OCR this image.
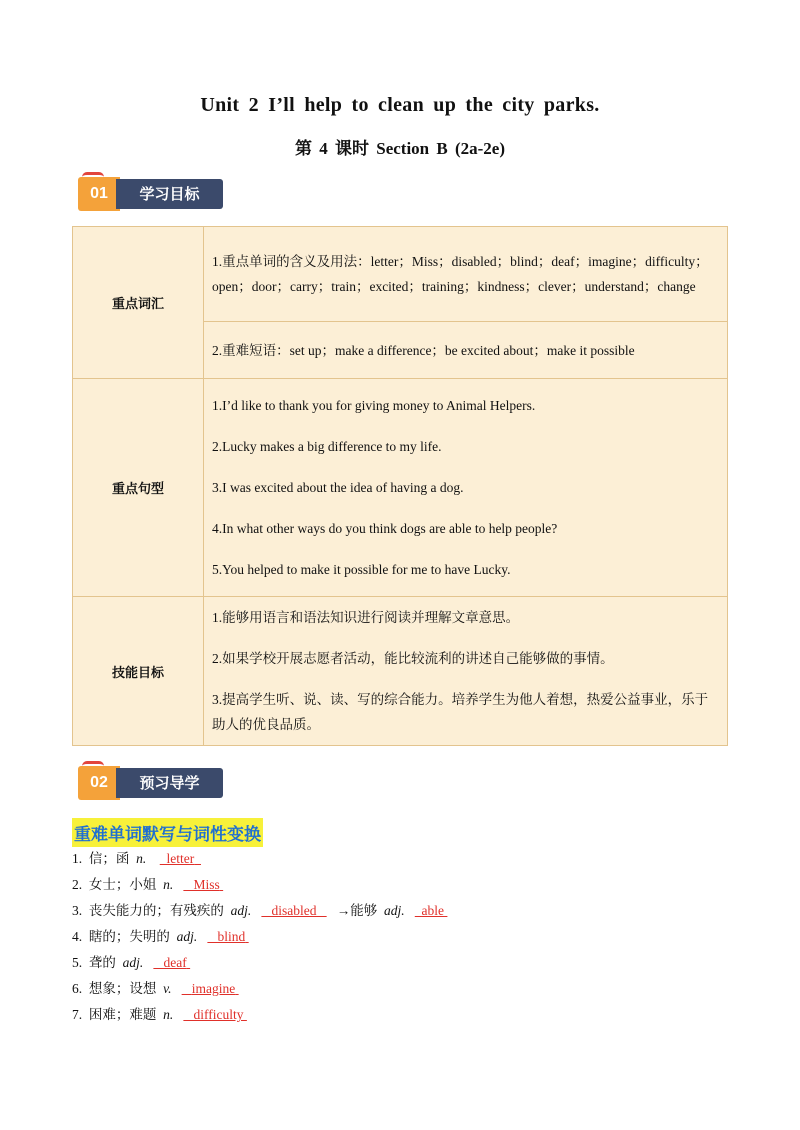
Unit 2 I’ll help to clean up the city parks.
第 4 课时 Section B (2a-2e)
01	学习目标
重点词汇	1.重点单词的含义及用法：letter；Miss；disabled；blind；deaf；imagine；difficulty；open；door；carry；train；excited；training；kindness；clever；understand；change
	2.重难短语：set up；make a difference；be excited about；make it possible
重点句型	1.I’d like to thank you for giving money to Animal Helpers.
2.Lucky makes a big difference to my life.
3.I was excited about the idea of having a dog.
4.In what other ways do you think dogs are able to help people?
5.You helped to make it possible for me to have Lucky.

技能目标	1.能够用语言和语法知识进行阅读并理解文章意思。
2.如果学校开展志愿者活动，能比较流利的讲述自己能够做的事情。
3.提高学生听、说、读、写的综合能力。培养学生为他人着想，热爱公益事业，乐于助人的优良品质。
02	预习导学
重难单词默写与词性变换
1. 信；函 n. letter
2. 女士；小姐 n. Miss
3. 丧失能力的；有残疾的 adj. disabled →能够 adj. able
4. 瞎的；失明的 adj. blind
5. 聋的 adj. deaf
6. 想象；设想 v. imagine
7. 困难；难题 n. difficulty
